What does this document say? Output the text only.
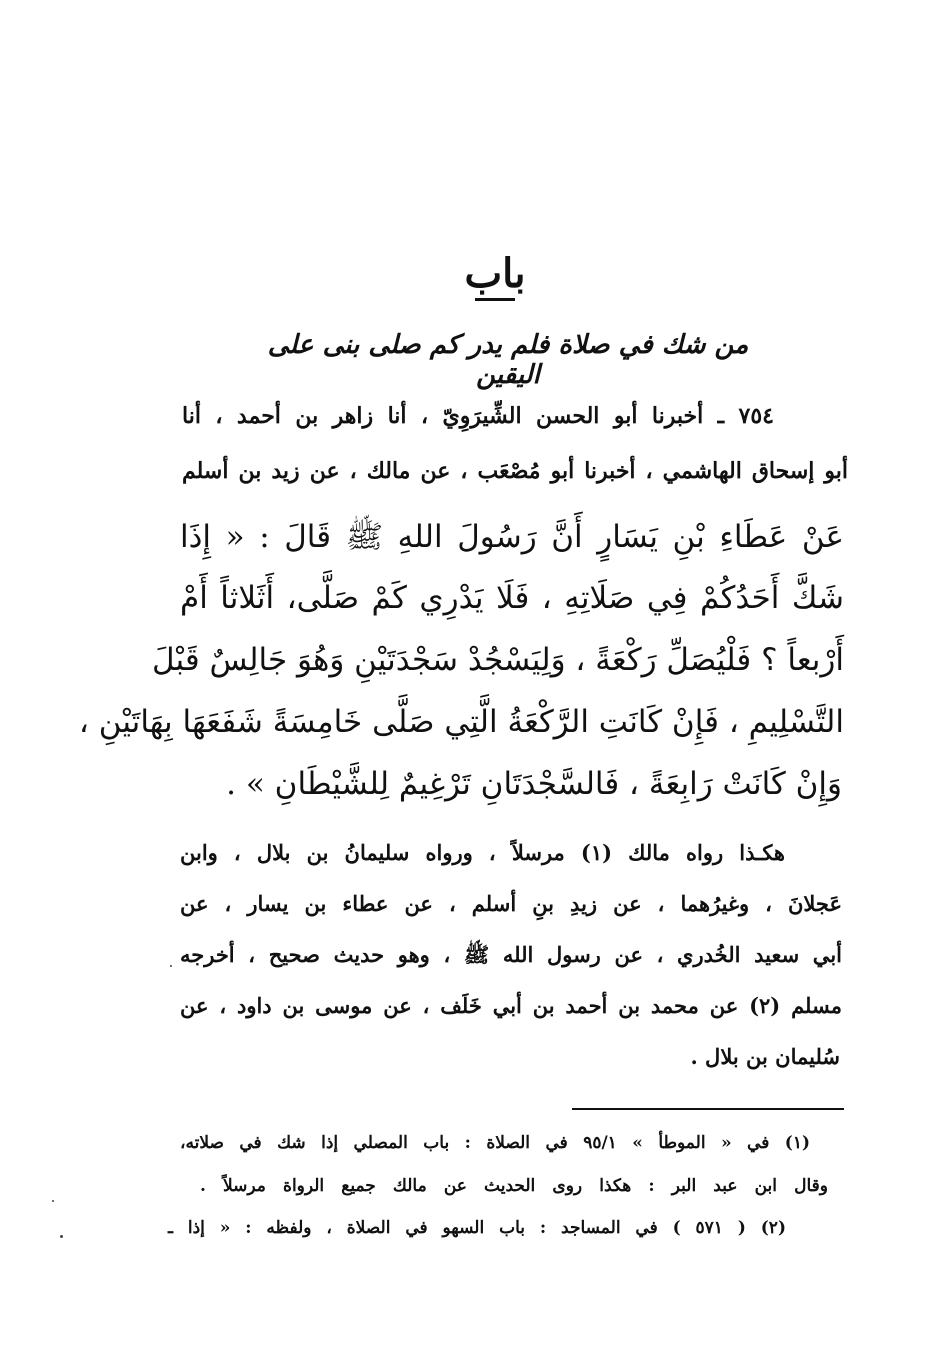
باب
من شك في صلاة فلم يدر كم صلى بنى على اليقين
٧٥٤ ـ أخبرنا أبو الحسن الشِّيرَوِيّ ، أنا زاهر بن أحمد ، أنا
أبو إسحاق الهاشمي ، أخبرنا أبو مُصْعَب ، عن مالك ، عن زيد بن أسلم
عَنْ عَطَاءِ بْنِ يَسَارٍ أَنَّ رَسُولَ اللهِ ﷺ قَالَ : « إِذَا
شَكَّ أَحَدُكُمْ فِي صَلَاتِهِ ، فَلَا يَدْرِي كَمْ صَلَّى، أَثَلاثاً أَمْ
أَرْبعاً ؟ فَلْيُصَلِّ رَكْعَةً ، وَلِيَسْجُدْ سَجْدَتَيْنِ وَهُوَ جَالِسٌ قَبْلَ
التَّسْلِيمِ ، فَإِنْ كَانَتِ الرَّكْعَةُ الَّتِي صَلَّى خَامِسَةً شَفَعَهَا بِهَاتَيْنِ ،
وَإِنْ كَانَتْ رَابِعَةً ، فَالسَّجْدَتَانِ تَرْغِيمٌ لِلشَّيْطَانِ » .
هكـذا رواه مالك (١) مرسلاً ، ورواه سليمانُ بن بلال ، وابن
عَجلانَ ، وغيرُهما ، عن زيدِ بنِ أسلم ، عن عطاء بن يسار ، عن
أبي سعيد الخُدري ، عن رسول الله ﷺ ، وهو حديث صحيح ، أخرجه
مسلم (٢) عن محمد بن أحمد بن أبي خَلَف ، عن موسى بن داود ، عن
سُليمان بن بلال .
(١) في « الموطأ » ٩٥/١ في الصلاة : باب المصلي إذا شك في صلاته،
وقال ابن عبد البر : هكذا روى الحديث عن مالك جميع الرواة مرسلاً .
(٢) ( ٥٧١ ) في المساجد : باب السهو في الصلاة ، ولفظه : « إذا ـ
